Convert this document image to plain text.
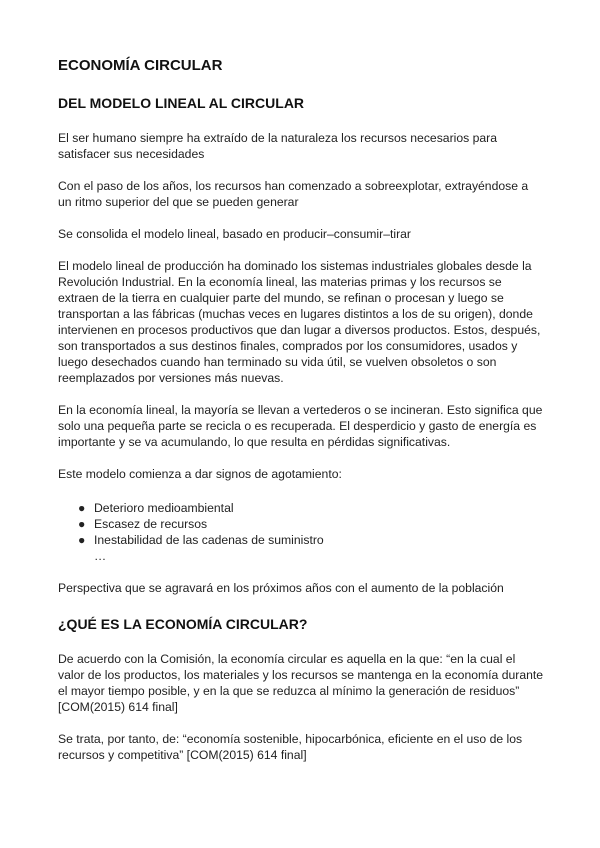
ECONOMÍA CIRCULAR
DEL MODELO LINEAL AL CIRCULAR

El ser humano siempre ha extraído de la naturaleza los recursos necesarios para satisfacer sus necesidades

Con el paso de los años, los recursos han comenzado a sobreexplotar, extrayéndose a un ritmo superior del que se pueden generar

Se consolida el modelo lineal, basado en producir–consumir–tirar

El modelo lineal de producción ha dominado los sistemas industriales globales desde la Revolución Industrial. En la economía lineal, las materias primas y los recursos se extraen de la tierra en cualquier parte del mundo, se refinan o procesan y luego se transportan a las fábricas (muchas veces en lugares distintos a los de su origen), donde intervienen en procesos productivos que dan lugar a diversos productos. Estos, después, son transportados a sus destinos finales, comprados por los consumidores, usados y luego desechados cuando han terminado su vida útil, se vuelven obsoletos o son reemplazados por versiones más nuevas.

En la economía lineal, la mayoría se llevan a vertederos o se incineran. Esto significa que solo una pequeña parte se recicla o es recuperada. El desperdicio y gasto de energía es importante y se va acumulando, lo que resulta en pérdidas significativas.

Este modelo comienza a dar signos de agotamiento:

● Deterioro medioambiental
● Escasez de recursos
● Inestabilidad de las cadenas de suministro
…

Perspectiva que se agravará en los próximos años con el aumento de la población

¿QUÉ ES LA ECONOMÍA CIRCULAR?

De acuerdo con la Comisión, la economía circular es aquella en la que: “en la cual el valor de los productos, los materiales y los recursos se mantenga en la economía durante el mayor tiempo posible, y en la que se reduzca al mínimo la generación de residuos” [COM(2015) 614 final]

Se trata, por tanto, de: “economía sostenible, hipocarbónica, eficiente en el uso de los recursos y competitiva” [COM(2015) 614 final]
